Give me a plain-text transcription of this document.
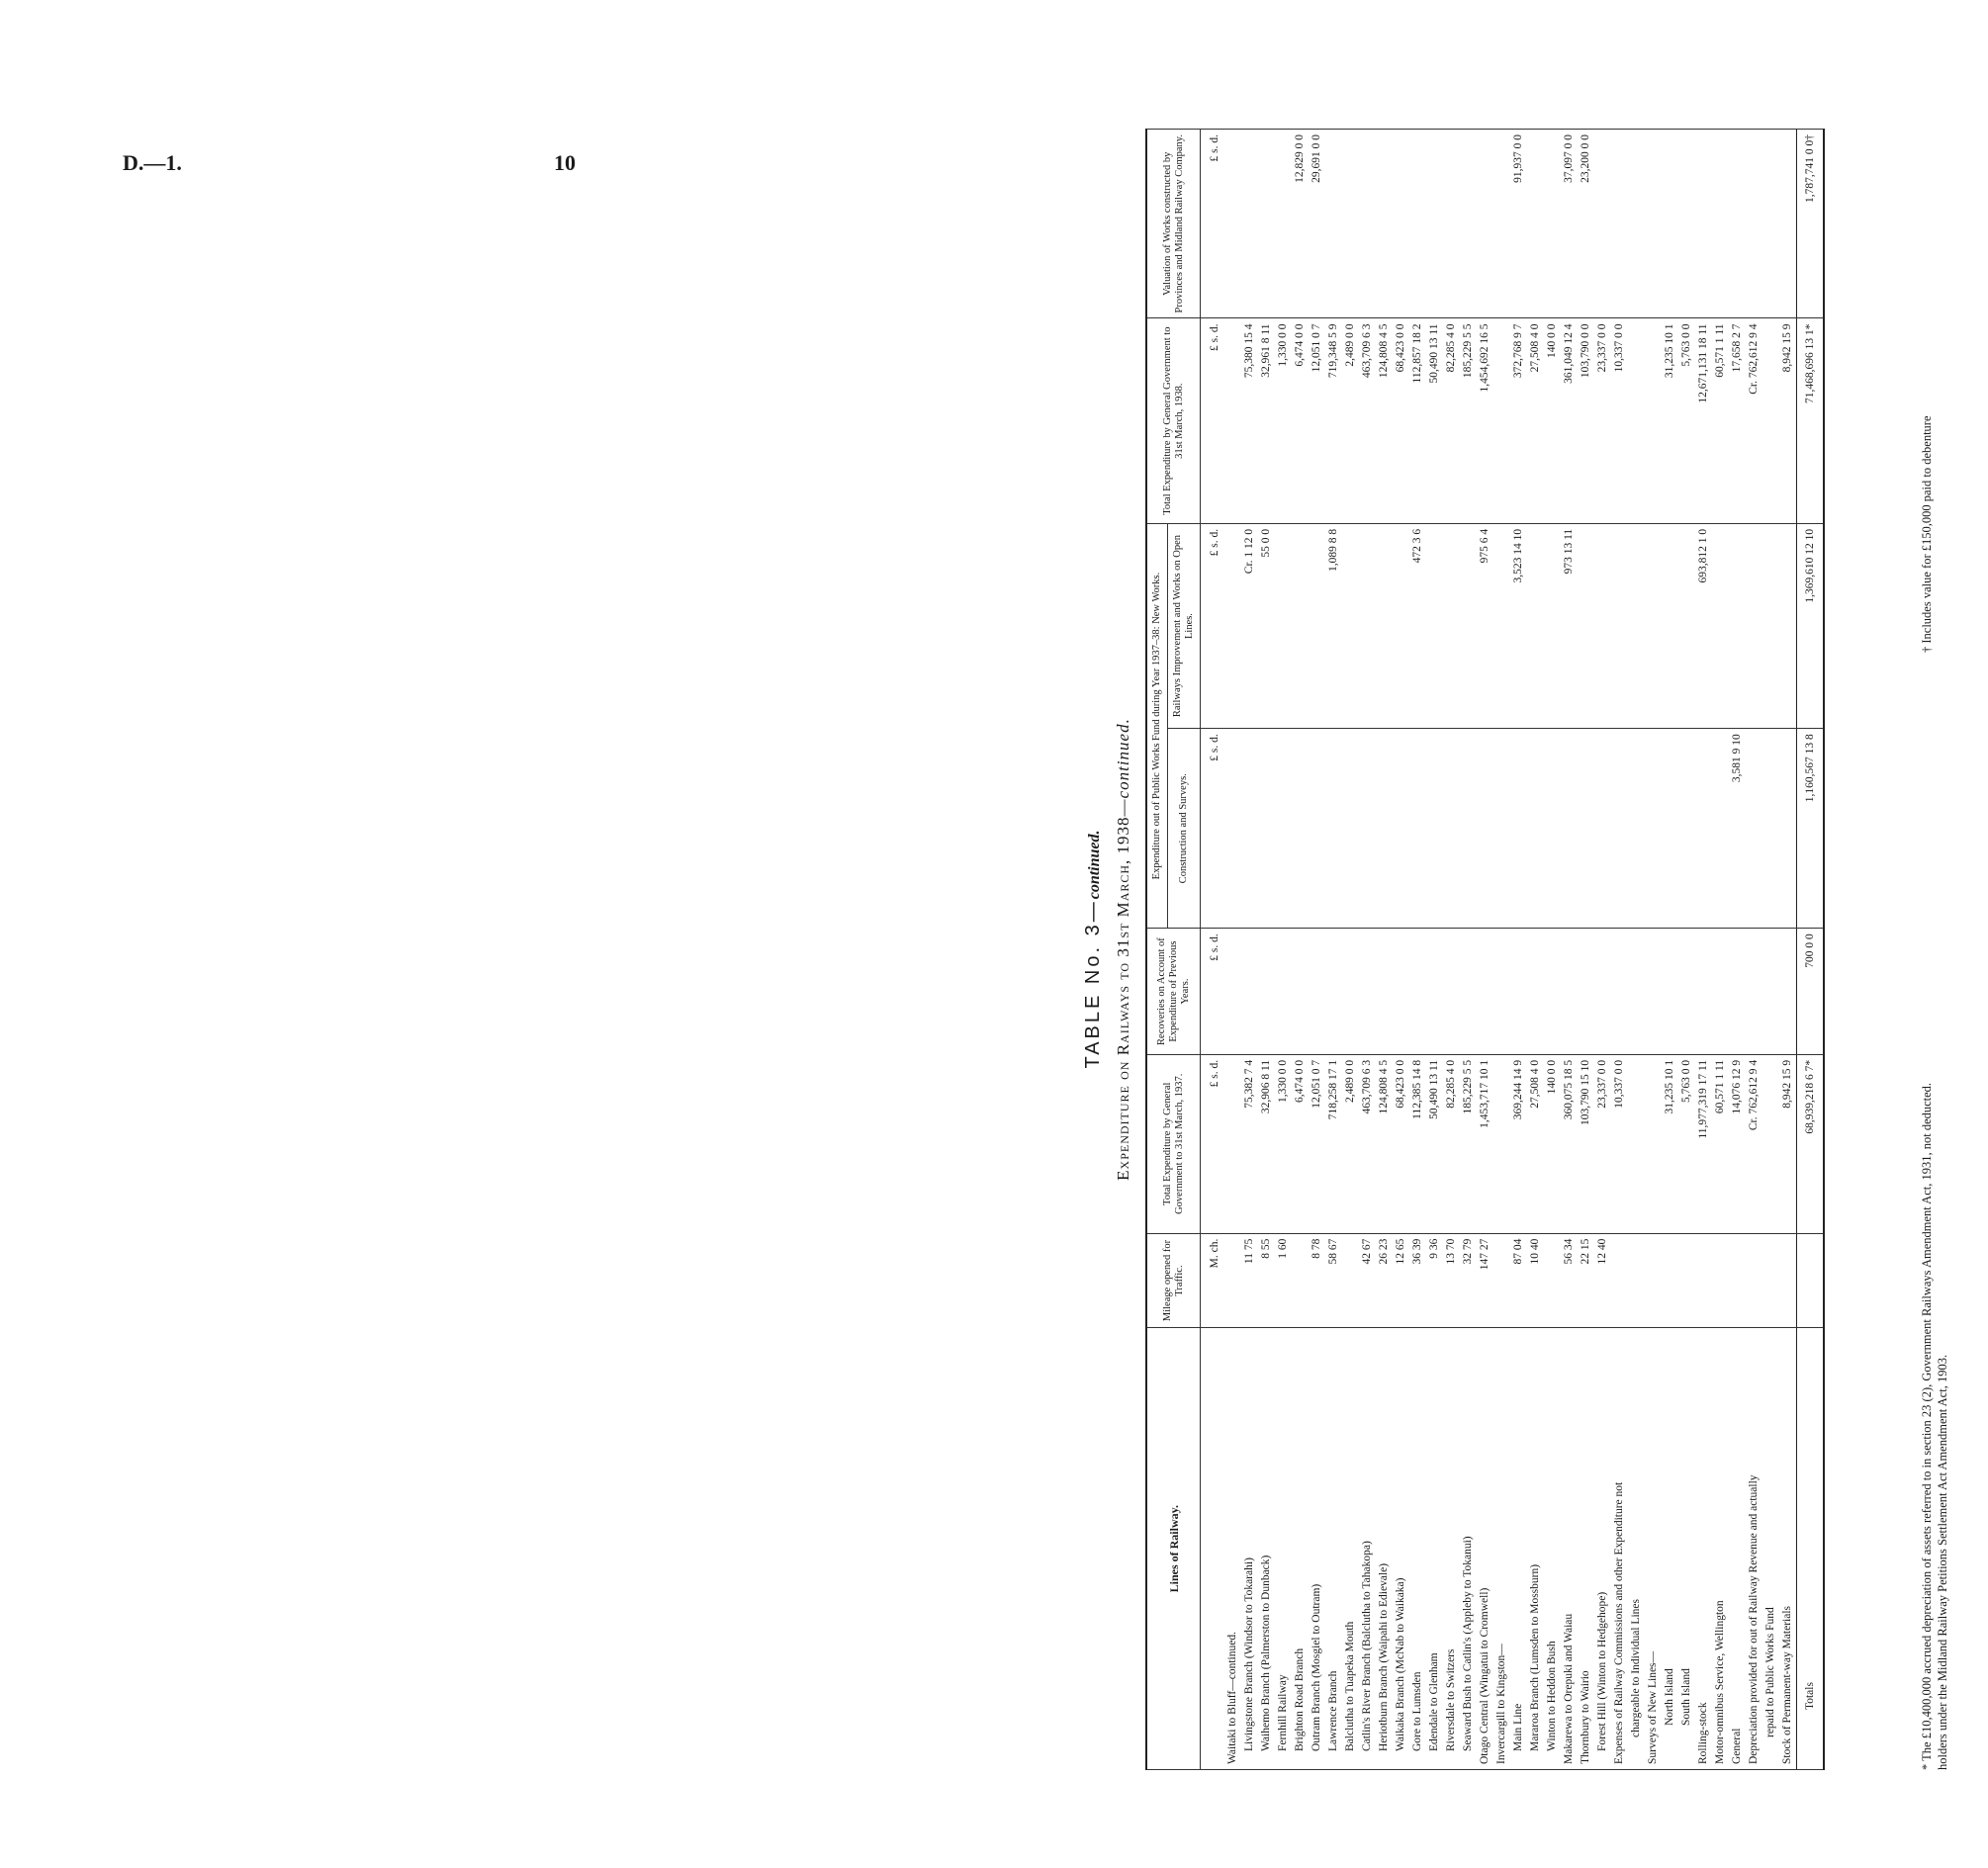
D.—1.	10
TABLE No. 3—continued. Expenditure on Railways to 31st March, 1938—continued.
Lines of Railway.	Mileage opened for Traffic.	Total Expenditure by General Government to 31st March, 1937.	Recoveries on Account of Expenditure of Previous Years.	Expenditure out of Public Works Fund during Year 1937–38: New Works.		Total Expenditure by General Government to 31st March, 1938.	Valuation of Works constructed by Provinces and Midland Railway Company.
				Construction and Surveys.	Railways Improvement and Works on Open Lines.		
	M. ch.	£ s. d.	£ s. d.	£ s. d.	£ s. d.	£ s. d.	£ s. d.
Waitaki to Bluff—continued.							
Livingstone Branch (Windsor to Tokarahi)	11 75	75,382 7 4			Cr. 1 12 0	75,380 15 4	
Waihemo Branch (Palmerston to Dunback)	8 55	32,906 8 11			55 0 0	32,961 8 11	
Fernhill Railway	1 60	1,330 0 0				1,330 0 0	
Brighton Road Branch		6,474 0 0				6,474 0 0	12,829 0 0
Outram Branch (Mosgiel to Outram)	8 78	12,051 0 7				12,051 0 7	29,691 0 0
Lawrence Branch	58 67	718,258 17 1			1,089 8 8	719,348 5 9	
Balclutha to Tuapeka Mouth		2,489 0 0				2,489 0 0	
Catlin's River Branch (Balclutha to Tahakopa)	42 67	463,709 6 3				463,709 6 3	
Heriotburn Branch (Waipahi to Edievale)	26 23	124,808 4 5				124,808 4 5	
Waikaka Branch (McNab to Waikaka)	12 65	68,423 0 0				68,423 0 0	
Gore to Lumsden	36 39	112,385 14 8			472 3 6	112,857 18 2	
Edendale to Glenham	9 36	50,490 13 11				50,490 13 11	
Riversdale to Switzers	13 70	82,285 4 0				82,285 4 0	
Seaward Bush to Catlin's (Appleby to Tokanui)	32 79	185,229 5 5				185,229 5 5	
Otago Central (Wingatui to Cromwell)	147 27	1,453,717 10 1			975 6 4	1,454,692 16 5	
Invercargill to Kingston—							
Main Line	87 04	369,244 14 9			3,523 14 10	372,768 9 7	91,937 0 0
Mararoa Branch (Lumsden to Mossburn)	10 40	27,508 4 0				27,508 4 0	
Winton to Heddon Bush		140 0 0				140 0 0	
Makarewa to Orepuki and Waiau	56 34	360,075 18 5			973 13 11	361,049 12 4	37,097 0 0
Thornbury to Wairio	22 15	103,790 15 10				103,790 0 0	23,200 0 0
Forest Hill (Winton to Hedgehope)	12 40	23,337 0 0				23,337 0 0	
Expenses of Railway Commissions and other Expenditure not		10,337 0 0				10,337 0 0	
chargeable to Individual Lines							
Surveys of New Lines—							
North Island		31,235 10 1				31,235 10 1	
South Island		5,763 0 0				5,763 0 0	
Rolling-stock		11,977,319 17 11			693,812 1 0	12,671,131 18 11	
Motor-omnibus Service, Wellington		60,571 1 11				60,571 1 11	
General		14,076 12 9		3,581 9 10		17,658 2 7	
Depreciation provided for out of Railway Revenue and actually		Cr. 762,612 9 4				Cr. 762,612 9 4	
repaid to Public Works Fund							
Stock of Permanent-way Materials		8,942 15 9				8,942 15 9	
Totals		68,939,218 6 7*	700 0 0	1,160,567 13 8	1,369,610 12 10	71,468,696 13 1*	1,787,741 0 0†
* The £10,400,000 accrued depreciation of assets referred to in section 23 (2), Government Railways Amendment Act, 1931, not deducted. holders under the Midland Railway Petitions Settlement Act Amendment Act, 1903.
† Includes value for £150,000 paid to debenture
